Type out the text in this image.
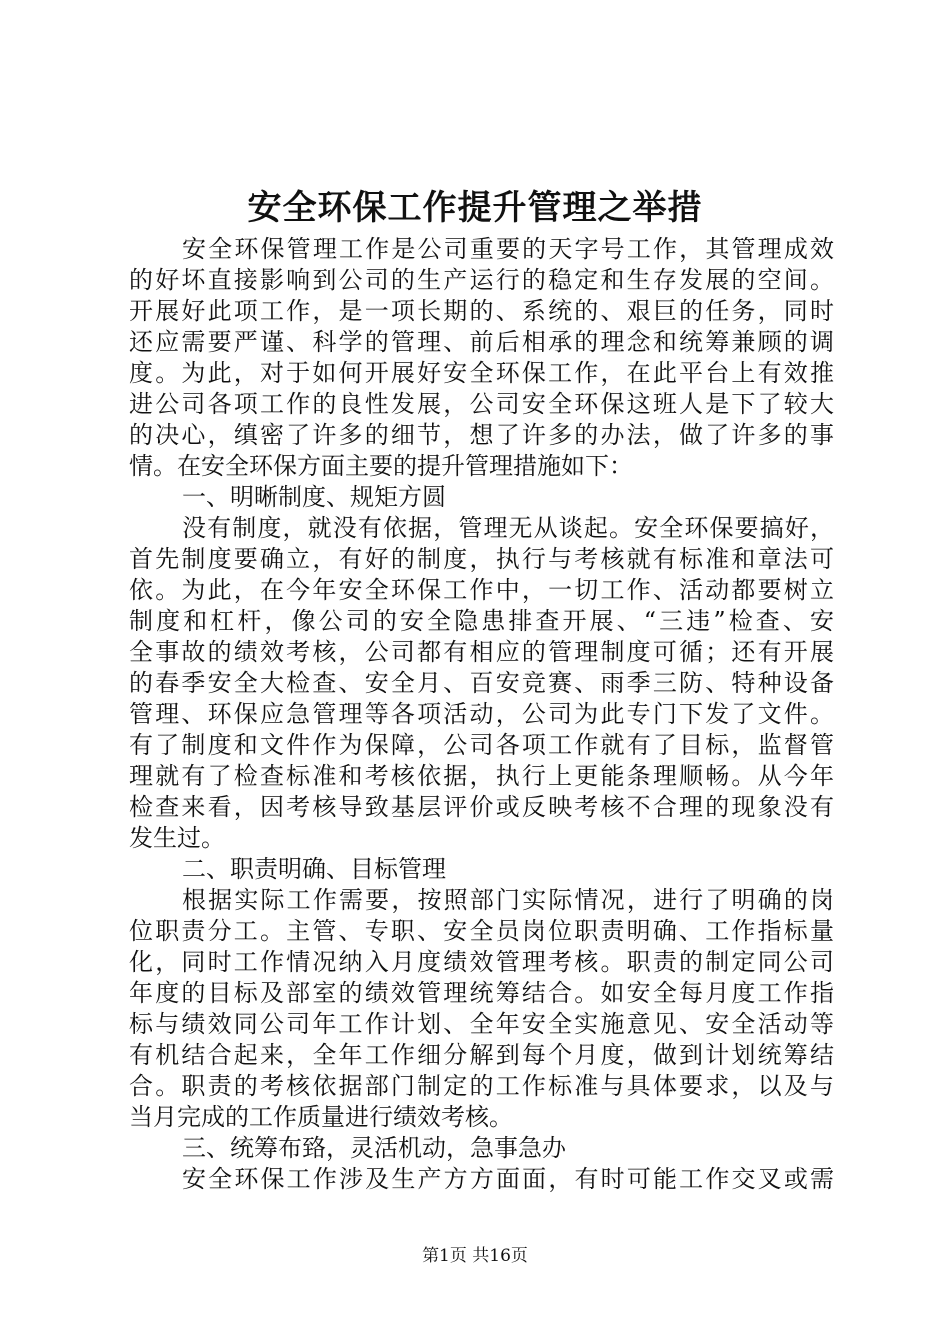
安全环保工作提升管理之举措
安全环保管理工作是公司重要的天字号工作，其管理成效
的好坏直接影响到公司的生产运行的稳定和生存发展的空间。
开展好此项工作，是一项长期的、系统的、艰巨的任务，同时
还应需要严谨、科学的管理、前后相承的理念和统筹兼顾的调
度。为此，对于如何开展好安全环保工作，在此平台上有效推
进公司各项工作的良性发展，公司安全环保这班人是下了较大
的决心，缜密了许多的细节，想了许多的办法，做了许多的事
情。在安全环保方面主要的提升管理措施如下：
一、明晰制度、规矩方圆
没有制度，就没有依据，管理无从谈起。安全环保要搞好，
首先制度要确立，有好的制度，执行与考核就有标准和章法可
依。为此，在今年安全环保工作中，一切工作、活动都要树立
制度和杠杆，像公司的安全隐患排查开展、“三违”检查、安
全事故的绩效考核，公司都有相应的管理制度可循；还有开展
的春季安全大检查、安全月、百安竞赛、雨季三防、特种设备
管理、环保应急管理等各项活动，公司为此专门下发了文件。
有了制度和文件作为保障，公司各项工作就有了目标，监督管
理就有了检查标准和考核依据，执行上更能条理顺畅。从今年
检查来看，因考核导致基层评价或反映考核不合理的现象没有
发生过。
二、职责明确、目标管理
根据实际工作需要，按照部门实际情况，进行了明确的岗
位职责分工。主管、专职、安全员岗位职责明确、工作指标量
化，同时工作情况纳入月度绩效管理考核。职责的制定同公司
年度的目标及部室的绩效管理统筹结合。如安全每月度工作指
标与绩效同公司年工作计划、全年安全实施意见、安全活动等
有机结合起来，全年工作细分解到每个月度，做到计划统筹结
合。职责的考核依据部门制定的工作标准与具体要求，以及与
当月完成的工作质量进行绩效考核。
三、统筹布臵，灵活机动，急事急办
安全环保工作涉及生产方方面面，有时可能工作交叉或需
第1页 共16页
